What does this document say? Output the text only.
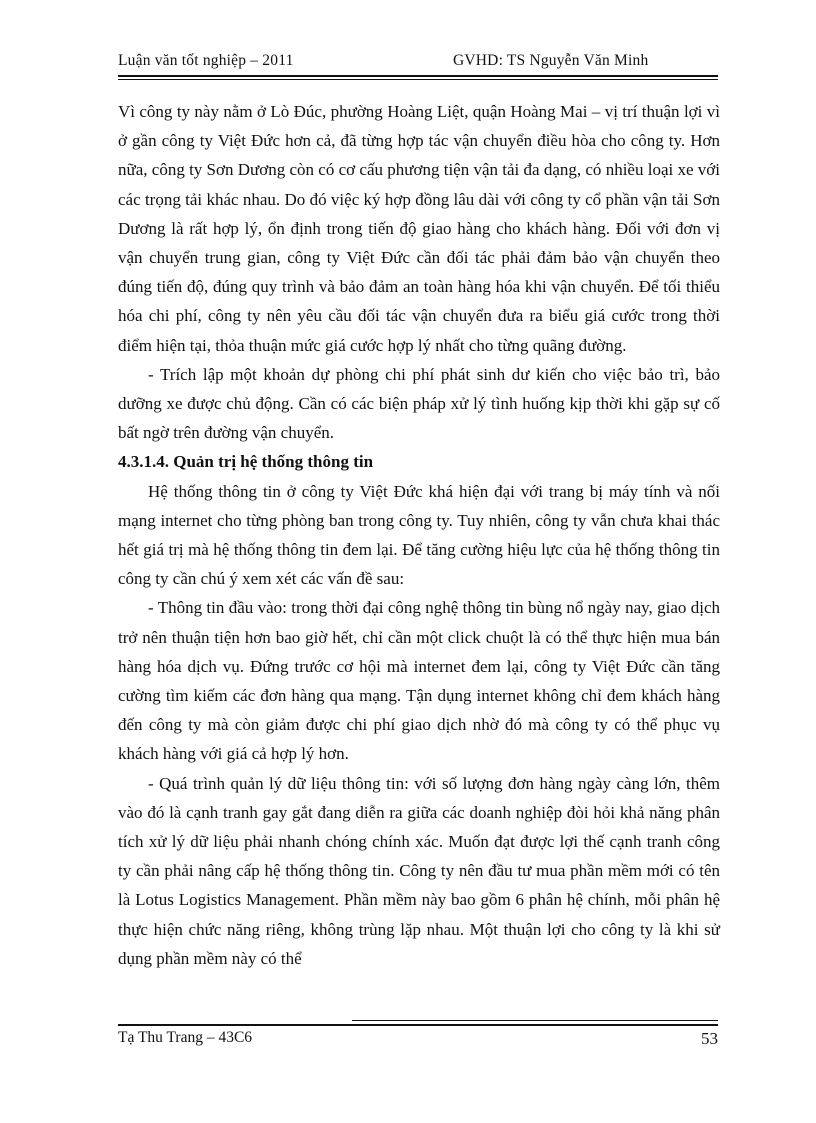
Luận văn tốt nghiệp – 2011	GVHD: TS Nguyễn Văn Minh

Vì công ty này nằm ở Lò Đúc, phường Hoàng Liệt, quận Hoàng Mai – vị trí thuận lợi vì ở gần công ty Việt Đức hơn cả, đã từng hợp tác vận chuyển điều hòa cho công ty. Hơn nữa, công ty Sơn Dương còn có cơ cấu phương tiện vận tải đa dạng, có nhiều loại xe với các trọng tải khác nhau. Do đó việc ký hợp đồng lâu dài với công ty cổ phần vận tải Sơn Dương là rất hợp lý, ổn định trong tiến độ giao hàng cho khách hàng. Đối với đơn vị vận chuyển trung gian, công ty Việt Đức cần đối tác phải đảm bảo vận chuyển theo đúng tiến độ, đúng quy trình và bảo đảm an toàn hàng hóa khi vận chuyển. Để tối thiểu hóa chi phí, công ty nên yêu cầu đối tác vận chuyển đưa ra biểu giá cước trong thời điểm hiện tại, thỏa thuận mức giá cước hợp lý nhất cho từng quãng đường.

- Trích lập một khoản dự phòng chi phí phát sinh dư kiến cho việc bảo trì, bảo dưỡng xe được chủ động. Cần có các biện pháp xử lý tình huống kịp thời khi gặp sự cố bất ngờ trên đường vận chuyển.

4.3.1.4. Quản trị hệ thống thông tin

Hệ thống thông tin ở công ty Việt Đức khá hiện đại với trang bị máy tính và nối mạng internet cho từng phòng ban trong công ty. Tuy nhiên, công ty vẫn chưa khai thác hết giá trị mà hệ thống thông tin đem lại. Để tăng cường hiệu lực của hệ thống thông tin công ty cần chú ý xem xét các vấn đề sau:

- Thông tin đầu vào: trong thời đại công nghệ thông tin bùng nổ ngày nay, giao dịch trở nên thuận tiện hơn bao giờ hết, chỉ cần một click chuột là có thể thực hiện mua bán hàng hóa dịch vụ. Đứng trước cơ hội mà internet đem lại, công ty Việt Đức cần tăng cường tìm kiếm các đơn hàng qua mạng. Tận dụng internet không chỉ đem khách hàng đến công ty mà còn giảm được chi phí giao dịch nhờ đó mà công ty có thể phục vụ khách hàng với giá cả hợp lý hơn.

- Quá trình quản lý dữ liệu thông tin: với số lượng đơn hàng ngày càng lớn, thêm vào đó là cạnh tranh gay gắt đang diễn ra giữa các doanh nghiệp đòi hỏi khả năng phân tích xử lý dữ liệu phải nhanh chóng chính xác. Muốn đạt được lợi thế cạnh tranh công ty cần phải nâng cấp hệ thống thông tin. Công ty nên đầu tư mua phần mềm mới có tên là Lotus Logistics Management. Phần mềm này bao gồm 6 phân hệ chính, mỗi phân hệ thực hiện chức năng riêng, không trùng lặp nhau. Một thuận lợi cho công ty là khi sử dụng phần mềm này có thể

Tạ Thu Trang – 43C6	53
